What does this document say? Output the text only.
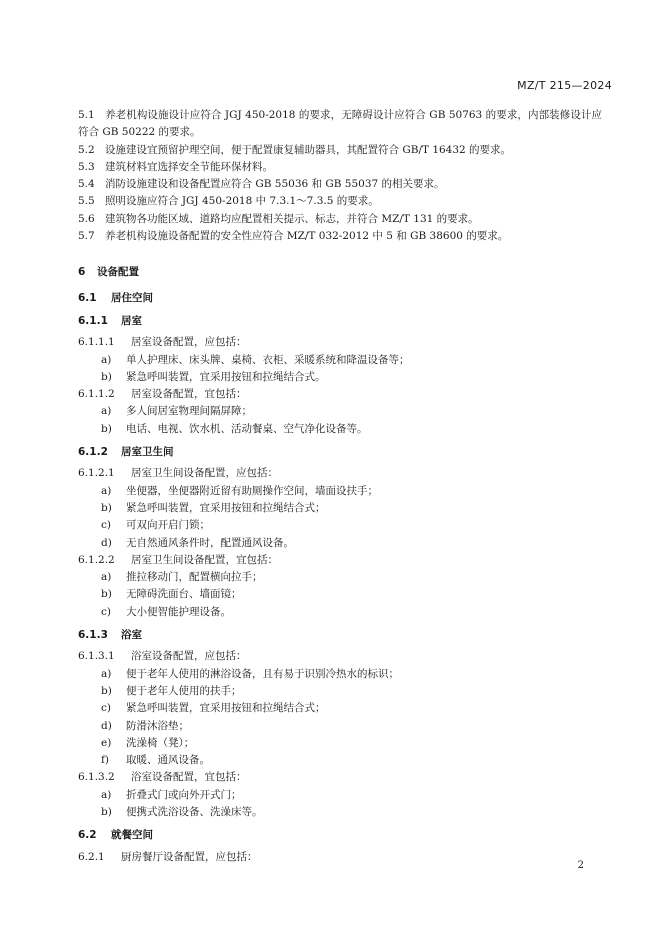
MZ/T 215—2024
5.1 养老机构设施设计应符合 JGJ 450-2018 的要求，无障碍设计应符合 GB 50763 的要求，内部装修设计应符合 GB 50222 的要求。
5.2 设施建设宜预留护理空间，便于配置康复辅助器具，其配置符合 GB/T 16432 的要求。
5.3 建筑材料宜选择安全节能环保材料。
5.4 消防设施建设和设备配置应符合 GB 55036 和 GB 55037 的相关要求。
5.5 照明设施应符合 JGJ 450-2018 中 7.3.1～7.3.5 的要求。
5.6 建筑物各功能区域、道路均应配置相关提示、标志，并符合 MZ/T 131 的要求。
5.7 养老机构设施设备配置的安全性应符合 MZ/T 032-2012 中 5 和 GB 38600 的要求。
6 设备配置
6.1 居住空间
6.1.1 居室
6.1.1.1 居室设备配置，应包括：
a) 单人护理床、床头牌、桌椅、衣柜、采暖系统和降温设备等；
b) 紧急呼叫装置，宜采用按钮和拉绳结合式。
6.1.1.2 居室设备配置，宜包括：
a) 多人间居室物理间隔屏障；
b) 电话、电视、饮水机、活动餐桌、空气净化设备等。
6.1.2 居室卫生间
6.1.2.1 居室卫生间设备配置，应包括：
a) 坐便器，坐便器附近留有助厕操作空间，墙面设扶手；
b) 紧急呼叫装置，宜采用按钮和拉绳结合式；
c) 可双向开启门锁；
d) 无自然通风条件时，配置通风设备。
6.1.2.2 居室卫生间设备配置，宜包括：
a) 推拉移动门，配置横向拉手；
b) 无障碍洗面台、墙面镜；
c) 大小便智能护理设备。
6.1.3 浴室
6.1.3.1 浴室设备配置，应包括：
a) 便于老年人使用的淋浴设备，且有易于识别冷热水的标识；
b) 便于老年人使用的扶手；
c) 紧急呼叫装置，宜采用按钮和拉绳结合式；
d) 防滑沐浴垫；
e) 洗澡椅（凳）；
f) 取暖、通风设备。
6.1.3.2 浴室设备配置，宜包括：
a) 折叠式门或向外开式门；
b) 便携式洗浴设备、洗澡床等。
6.2 就餐空间
6.2.1 厨房餐厅设备配置，应包括：
2
